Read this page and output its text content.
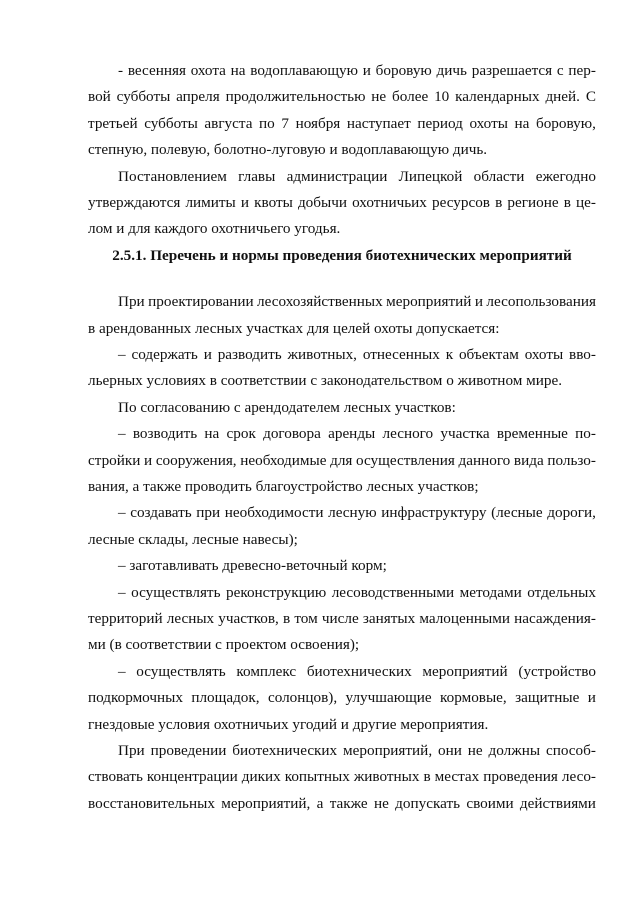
- весенняя охота на водоплавающую и боровую дичь разрешается с пер-
вой субботы апреля продолжительностью не более 10 календарных дней. С
третьей субботы августа по 7 ноября наступает период охоты на боровую,
степную, полевую, болотно-луговую и водоплавающую дичь.
Постановлением главы администрации Липецкой области ежегодно
утверждаются лимиты и квоты добычи охотничьих ресурсов в регионе в це-
лом и для каждого охотничьего угодья.
2.5.1. Перечень и нормы проведения биотехнических мероприятий
При проектировании лесохозяйственных мероприятий и лесопользования
в арендованных лесных участках для целей охоты допускается:
– содержать и разводить животных, отнесенных к объектам охоты вво-
льерных условиях в соответствии с законодательством о животном мире.
По согласованию с арендодателем лесных участков:
– возводить на срок договора аренды лесного участка временные по-
стройки и сооружения, необходимые для осуществления данного вида пользо-
вания, а также проводить благоустройство лесных участков;
– создавать при необходимости лесную инфраструктуру (лесные дороги,
лесные склады, лесные навесы);
– заготавливать древесно-веточный корм;
– осуществлять реконструкцию лесоводственными методами отдельных
территорий лесных участков, в том числе занятых малоценными насаждения-
ми (в соответствии с проектом освоения);
– осуществлять комплекс биотехнических мероприятий (устройство
подкормочных площадок, солонцов), улучшающие кормовые, защитные и
гнездовые условия охотничьих угодий и другие мероприятия.
При проведении биотехнических мероприятий, они не должны способ-
ствовать концентрации диких копытных животных в местах проведения лесо-
восстановительных мероприятий, а также не допускать своими действиями
